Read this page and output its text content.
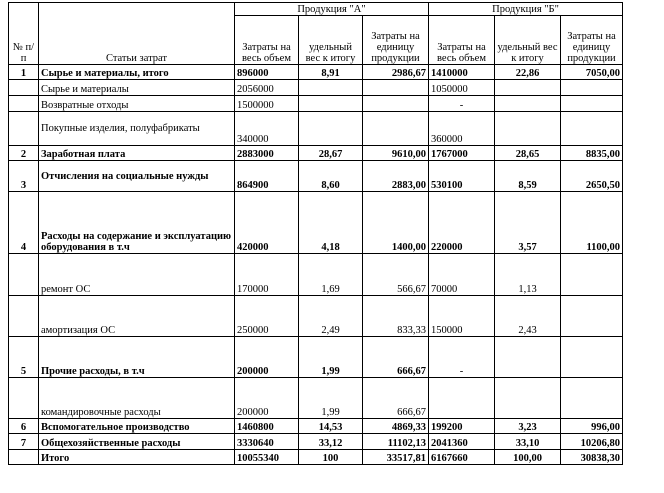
№ п/п	Статьи затрат	Продукция "А"			Продукция "Б"		
		Затраты на весь объем	удельный вес к итогу	Затраты на единицу продукции	Затраты на весь объем	удельный вес к итогу	Затраты на единицу продукции
1	Сырье и материалы, итого	896000	8,91	2986,67	1410000	22,86	7050,00
	Сырье и материалы	2056000			1050000		
	Возвратные отходы	1500000			-		
	Покупные изделия, полуфабрикаты	340000			360000		
2	Заработная плата	2883000	28,67	9610,00	1767000	28,65	8835,00
3	Отчисления на социальные нужды	864900	8,60	2883,00	530100	8,59	2650,50
4	Расходы на содержание и эксплуатацию оборудования в т.ч	420000	4,18	1400,00	220000	3,57	1100,00
	ремонт ОС	170000	1,69	566,67	70000	1,13	
	амортизация ОС	250000	2,49	833,33	150000	2,43	
5	Прочие расходы, в т.ч	200000	1,99	666,67	-		
	командировочные расходы	200000	1,99	666,67			
6	Вспомогательное производство	1460800	14,53	4869,33	199200	3,23	996,00
7	Общехозяйственные расходы	3330640	33,12	11102,13	2041360	33,10	10206,80
	Итого	10055340	100	33517,81	6167660	100,00	30838,30
